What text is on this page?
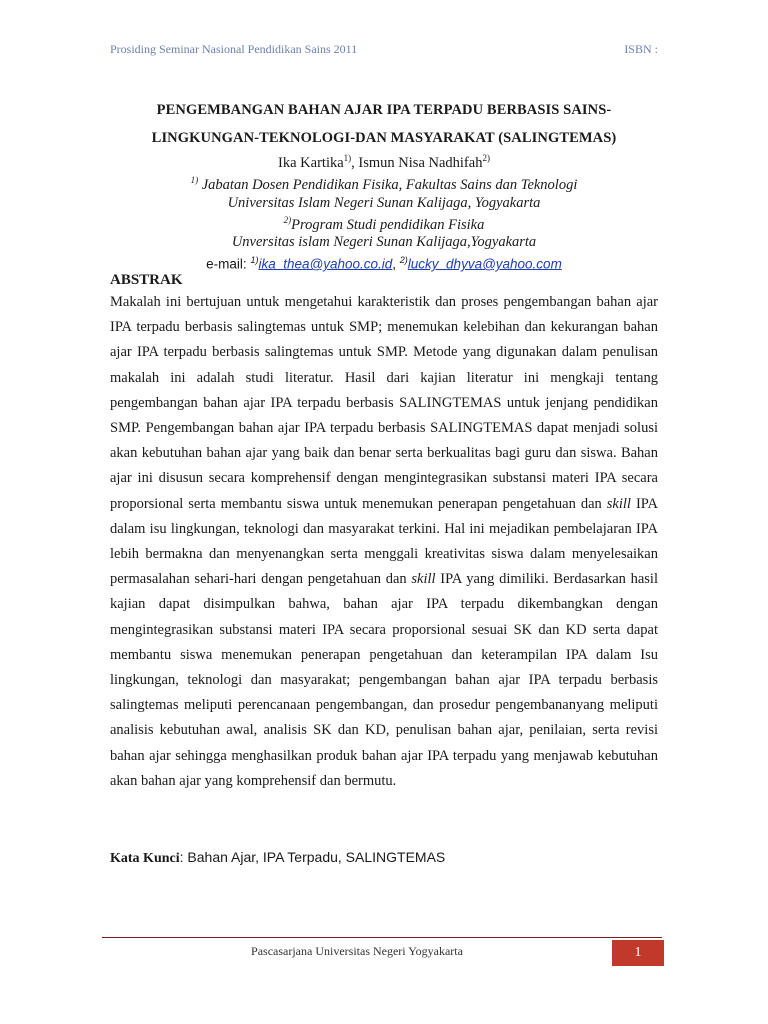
Prosiding Seminar Nasional Pendidikan Sains 2011	ISBN :
PENGEMBANGAN BAHAN AJAR IPA TERPADU BERBASIS SAINS-
LINGKUNGAN-TEKNOLOGI-DAN MASYARAKAT (SALINGTEMAS)
Ika Kartika$^{1)}$, Ismun Nisa Nadhifah$^{2)}$
$^{1)}$ Jabatan Dosen Pendidikan Fisika, Fakultas Sains dan Teknologi
Universitas Islam Negeri Sunan Kalijaga, Yogyakarta
$^{2)}$Program Studi pendidikan Fisika
Unversitas islam Negeri Sunan Kalijaga,Yogyakarta
e-mail: $^{1)}$ika_thea@yahoo.co.id, $^{2)}$lucky_dhyva@yahoo.com
ABSTRAK

Makalah ini bertujuan untuk mengetahui karakteristik dan proses pengembangan bahan ajar IPA terpadu berbasis salingtemas untuk SMP; menemukan kelebihan dan kekurangan bahan ajar IPA terpadu berbasis salingtemas untuk SMP. Metode yang digunakan dalam penulisan makalah ini adalah studi literatur. Hasil dari kajian literatur ini mengkaji tentang pengembangan bahan ajar IPA terpadu berbasis SALINGTEMAS untuk jenjang pendidikan SMP. Pengembangan bahan ajar IPA terpadu berbasis SALINGTEMAS dapat menjadi solusi akan kebutuhan bahan ajar yang baik dan benar serta berkualitas bagi guru dan siswa. Bahan ajar ini disusun secara komprehensif dengan mengintegrasikan substansi materi IPA secara proporsional serta membantu siswa untuk menemukan penerapan pengetahuan dan skill IPA dalam isu lingkungan, teknologi dan masyarakat terkini. Hal ini mejadikan pembelajaran IPA lebih bermakna dan menyenangkan serta menggali kreativitas siswa dalam menyelesaikan permasalahan sehari-hari dengan pengetahuan dan skill IPA yang dimiliki. Berdasarkan hasil kajian dapat disimpulkan bahwa, bahan ajar IPA terpadu dikembangkan dengan mengintegrasikan substansi materi IPA secara proporsional sesuai SK dan KD serta dapat membantu siswa menemukan penerapan pengetahuan dan keterampilan IPA dalam Isu lingkungan, teknologi dan masyarakat; pengembangan bahan ajar IPA terpadu berbasis salingtemas meliputi perencanaan pengembangan, dan prosedur pengembananyang meliputi analisis kebutuhan awal, analisis SK dan KD, penulisan bahan ajar, penilaian, serta revisi bahan ajar sehingga menghasilkan produk bahan ajar IPA terpadu yang menjawab kebutuhan akan bahan ajar yang komprehensif dan bermutu.

Kata Kunci: Bahan Ajar, IPA Terpadu, SALINGTEMAS
Pascasarjana Universitas Negeri Yogyakarta	1
